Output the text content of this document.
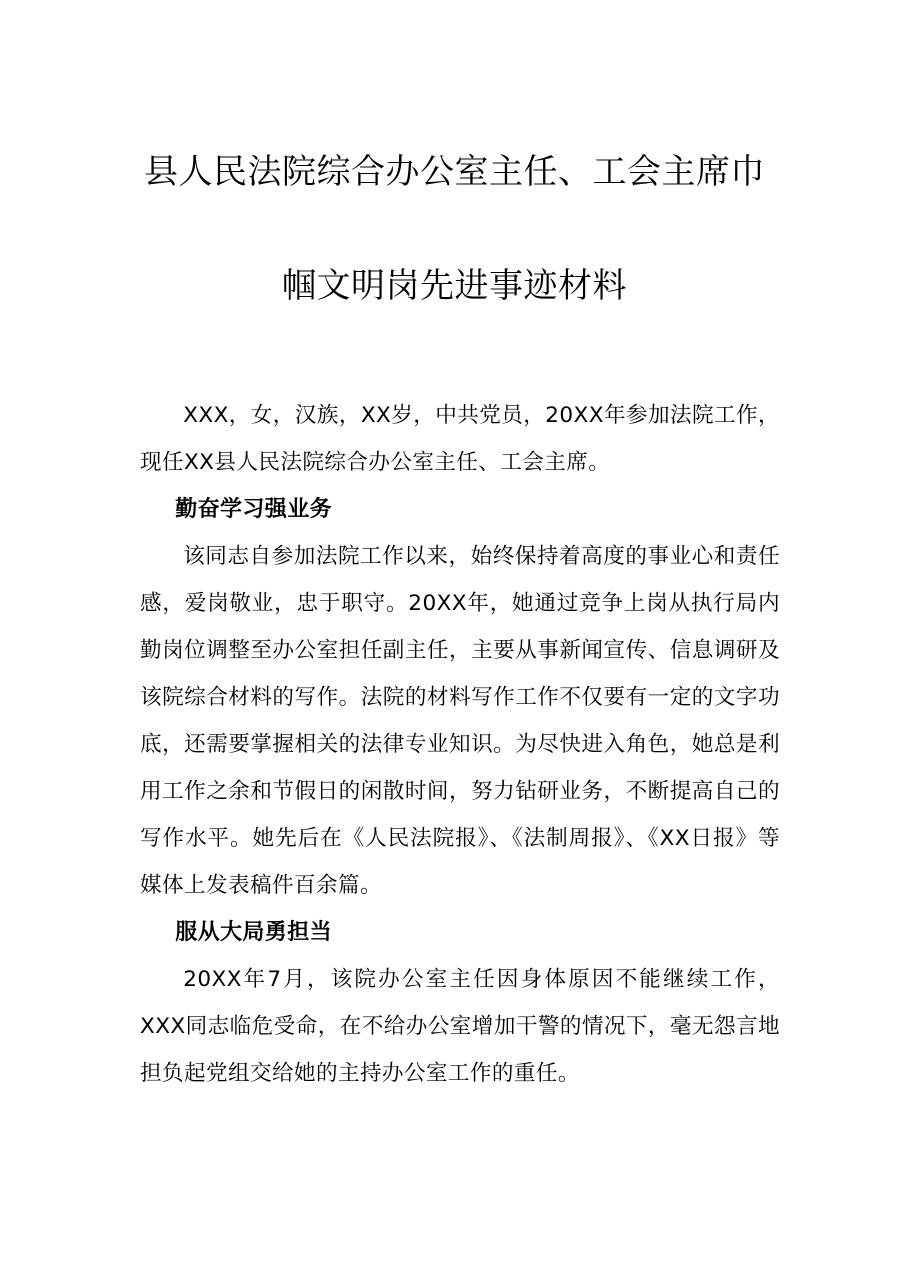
县人民法院综合办公室主任、工会主席巾
帼文明岗先进事迹材料

XXX，女，汉族，XX岁，中共党员，20XX年参加法院工作，现任XX县人民法院综合办公室主任、工会主席。

勤奋学习强业务

该同志自参加法院工作以来，始终保持着高度的事业心和责任感，爱岗敬业，忠于职守。20XX年，她通过竞争上岗从执行局内勤岗位调整至办公室担任副主任，主要从事新闻宣传、信息调研及该院综合材料的写作。法院的材料写作工作不仅要有一定的文字功底，还需要掌握相关的法律专业知识。为尽快进入角色，她总是利用工作之余和节假日的闲散时间，努力钻研业务，不断提高自己的写作水平。她先后在《人民法院报》、《法制周报》、《XX日报》等媒体上发表稿件百余篇。

服从大局勇担当

20XX年7月，该院办公室主任因身体原因不能继续工作，XXX同志临危受命，在不给办公室增加干警的情况下，毫无怨言地担负起党组交给她的主持办公室工作的重任。
